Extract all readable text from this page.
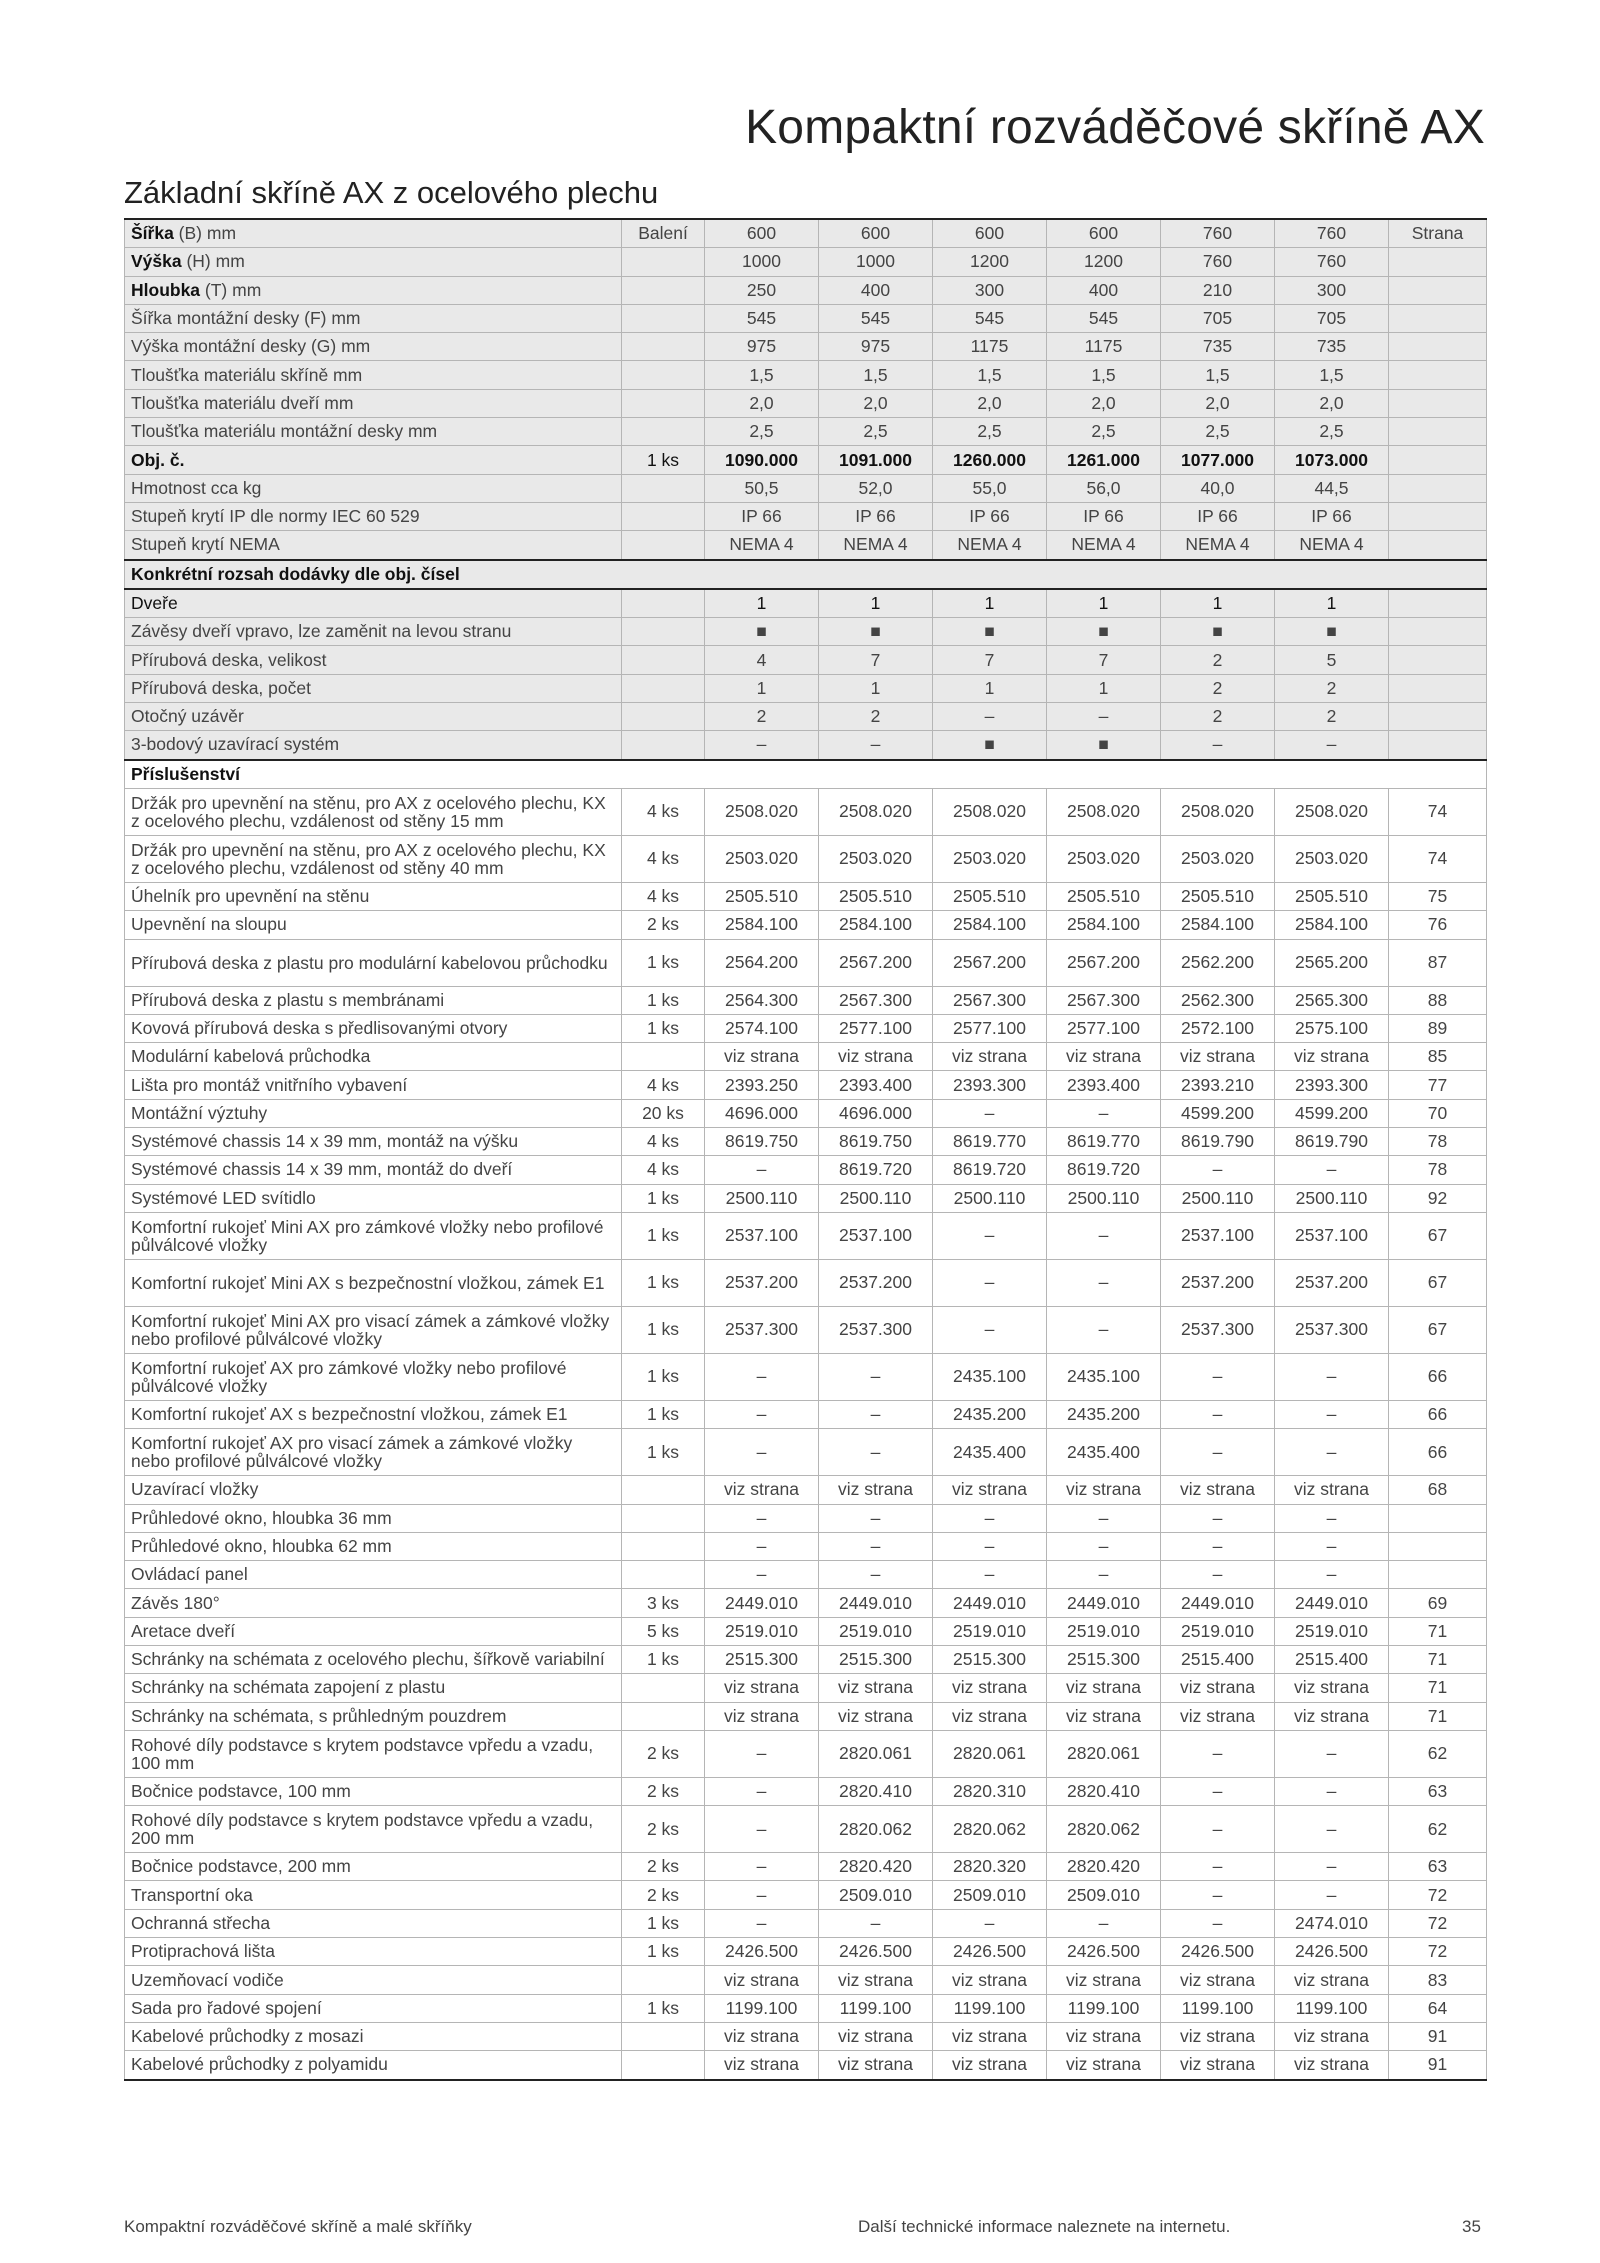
Kompaktní rozváděčové skříně AX
Základní skříně AX z ocelového plechu
Šířka (B) mm	Balení	600	600	600	600	760	760	Strana
Výška (H) mm		1000	1000	1200	1200	760	760	
Hloubka (T) mm		250	400	300	400	210	300	
Šířka montážní desky (F) mm		545	545	545	545	705	705	
Výška montážní desky (G) mm		975	975	1175	1175	735	735	
Tloušťka materiálu skříně mm		1,5	1,5	1,5	1,5	1,5	1,5	
Tloušťka materiálu dveří mm		2,0	2,0	2,0	2,0	2,0	2,0	
Tloušťka materiálu montážní desky mm		2,5	2,5	2,5	2,5	2,5	2,5	
Obj. č.	1 ks	1090.000	1091.000	1260.000	1261.000	1077.000	1073.000	
Hmotnost cca kg		50,5	52,0	55,0	56,0	40,0	44,5	
Stupeň krytí IP dle normy IEC 60 529		IP 66	IP 66	IP 66	IP 66	IP 66	IP 66	
Stupeň krytí NEMA		NEMA 4	NEMA 4	NEMA 4	NEMA 4	NEMA 4	NEMA 4	
Konkrétní rozsah dodávky dle obj. čísel								
Dveře		1	1	1	1	1	1	
Závěsy dveří vpravo, lze zaměnit na levou stranu		■	■	■	■	■	■	
Přírubová deska, velikost		4	7	7	7	2	5	
Přírubová deska, počet		1	1	1	1	2	2	
Otočný uzávěr		2	2	–	–	2	2	
3-bodový uzavírací systém		–	–	■	■	–	–	
Příslušenství								
Držák pro upevnění na stěnu, pro AX z ocelového plechu, KX z ocelového plechu, vzdálenost od stěny 15 mm	4 ks	2508.020	2508.020	2508.020	2508.020	2508.020	2508.020	74
Držák pro upevnění na stěnu, pro AX z ocelového plechu, KX z ocelového plechu, vzdálenost od stěny 40 mm	4 ks	2503.020	2503.020	2503.020	2503.020	2503.020	2503.020	74
Úhelník pro upevnění na stěnu	4 ks	2505.510	2505.510	2505.510	2505.510	2505.510	2505.510	75
Upevnění na sloupu	2 ks	2584.100	2584.100	2584.100	2584.100	2584.100	2584.100	76
Přírubová deska z plastu pro modulární kabelovou průchodku	1 ks	2564.200	2567.200	2567.200	2567.200	2562.200	2565.200	87
Přírubová deska z plastu s membránami	1 ks	2564.300	2567.300	2567.300	2567.300	2562.300	2565.300	88
Kovová přírubová deska s předlisovanými otvory	1 ks	2574.100	2577.100	2577.100	2577.100	2572.100	2575.100	89
Modulární kabelová průchodka		viz strana	viz strana	viz strana	viz strana	viz strana	viz strana	85
Lišta pro montáž vnitřního vybavení	4 ks	2393.250	2393.400	2393.300	2393.400	2393.210	2393.300	77
Montážní výztuhy	20 ks	4696.000	4696.000	–	–	4599.200	4599.200	70
Systémové chassis 14 x 39 mm, montáž na výšku	4 ks	8619.750	8619.750	8619.770	8619.770	8619.790	8619.790	78
Systémové chassis 14 x 39 mm, montáž do dveří	4 ks	–	8619.720	8619.720	8619.720	–	–	78
Systémové LED svítidlo	1 ks	2500.110	2500.110	2500.110	2500.110	2500.110	2500.110	92
Komfortní rukojeť Mini AX pro zámkové vložky nebo profilové půlválcové vložky	1 ks	2537.100	2537.100	–	–	2537.100	2537.100	67
Komfortní rukojeť Mini AX s bezpečnostní vložkou, zámek E1	1 ks	2537.200	2537.200	–	–	2537.200	2537.200	67
Komfortní rukojeť Mini AX pro visací zámek a zámkové vložky nebo profilové půlválcové vložky	1 ks	2537.300	2537.300	–	–	2537.300	2537.300	67
Komfortní rukojeť AX pro zámkové vložky nebo profilové půlválcové vložky	1 ks	–	–	2435.100	2435.100	–	–	66
Komfortní rukojeť AX s bezpečnostní vložkou, zámek E1	1 ks	–	–	2435.200	2435.200	–	–	66
Komfortní rukojeť AX pro visací zámek a zámkové vložky nebo profilové půlválcové vložky	1 ks	–	–	2435.400	2435.400	–	–	66
Uzavírací vložky		viz strana	viz strana	viz strana	viz strana	viz strana	viz strana	68
Průhledové okno, hloubka 36 mm		–	–	–	–	–	–	
Průhledové okno, hloubka 62 mm		–	–	–	–	–	–	
Ovládací panel		–	–	–	–	–	–	
Závěs 180°	3 ks	2449.010	2449.010	2449.010	2449.010	2449.010	2449.010	69
Aretace dveří	5 ks	2519.010	2519.010	2519.010	2519.010	2519.010	2519.010	71
Schránky na schémata z ocelového plechu, šířkově variabilní	1 ks	2515.300	2515.300	2515.300	2515.300	2515.400	2515.400	71
Schránky na schémata zapojení z plastu		viz strana	viz strana	viz strana	viz strana	viz strana	viz strana	71
Schránky na schémata, s průhledným pouzdrem		viz strana	viz strana	viz strana	viz strana	viz strana	viz strana	71
Rohové díly podstavce s krytem podstavce vpředu a vzadu, 100 mm	2 ks	–	2820.061	2820.061	2820.061	–	–	62
Bočnice podstavce, 100 mm	2 ks	–	2820.410	2820.310	2820.410	–	–	63
Rohové díly podstavce s krytem podstavce vpředu a vzadu, 200 mm	2 ks	–	2820.062	2820.062	2820.062	–	–	62
Bočnice podstavce, 200 mm	2 ks	–	2820.420	2820.320	2820.420	–	–	63
Transportní oka	2 ks	–	2509.010	2509.010	2509.010	–	–	72
Ochranná střecha	1 ks	–	–	–	–	–	2474.010	72
Protiprachová lišta	1 ks	2426.500	2426.500	2426.500	2426.500	2426.500	2426.500	72
Uzemňovací vodiče		viz strana	viz strana	viz strana	viz strana	viz strana	viz strana	83
Sada pro řadové spojení	1 ks	1199.100	1199.100	1199.100	1199.100	1199.100	1199.100	64
Kabelové průchodky z mosazi		viz strana	viz strana	viz strana	viz strana	viz strana	viz strana	91
Kabelové průchodky z polyamidu		viz strana	viz strana	viz strana	viz strana	viz strana	viz strana	91
Kompaktní rozváděčové skříně a malé skříňky	Další technické informace naleznete na internetu.	35
